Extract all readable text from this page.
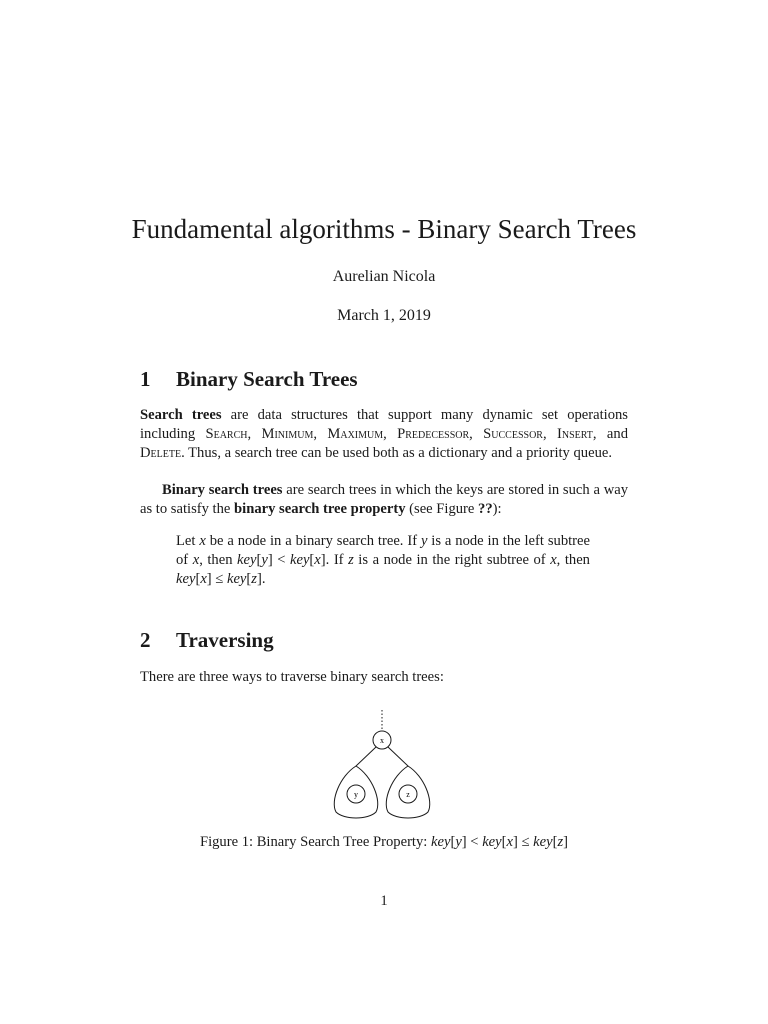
Fundamental algorithms - Binary Search Trees
Aurelian Nicola
March 1, 2019
1 Binary Search Trees
Search trees are data structures that support many dynamic set operations including Search, Minimum, Maximum, Predecessor, Successor, Insert, and Delete. Thus, a search tree can be used both as a dictionary and a priority queue.
Binary search trees are search trees in which the keys are stored in such a way as to satisfy the binary search tree property (see Figure ??):
Let x be a node in a binary search tree. If y is a node in the left subtree of x, then key[y] < key[x]. If z is a node in the right subtree of x, then key[x] ≤ key[z].
2 Traversing
There are three ways to traverse binary search trees:
x
y	z
Figure 1: Binary Search Tree Property: key[y] < key[x] ≤ key[z]
1
